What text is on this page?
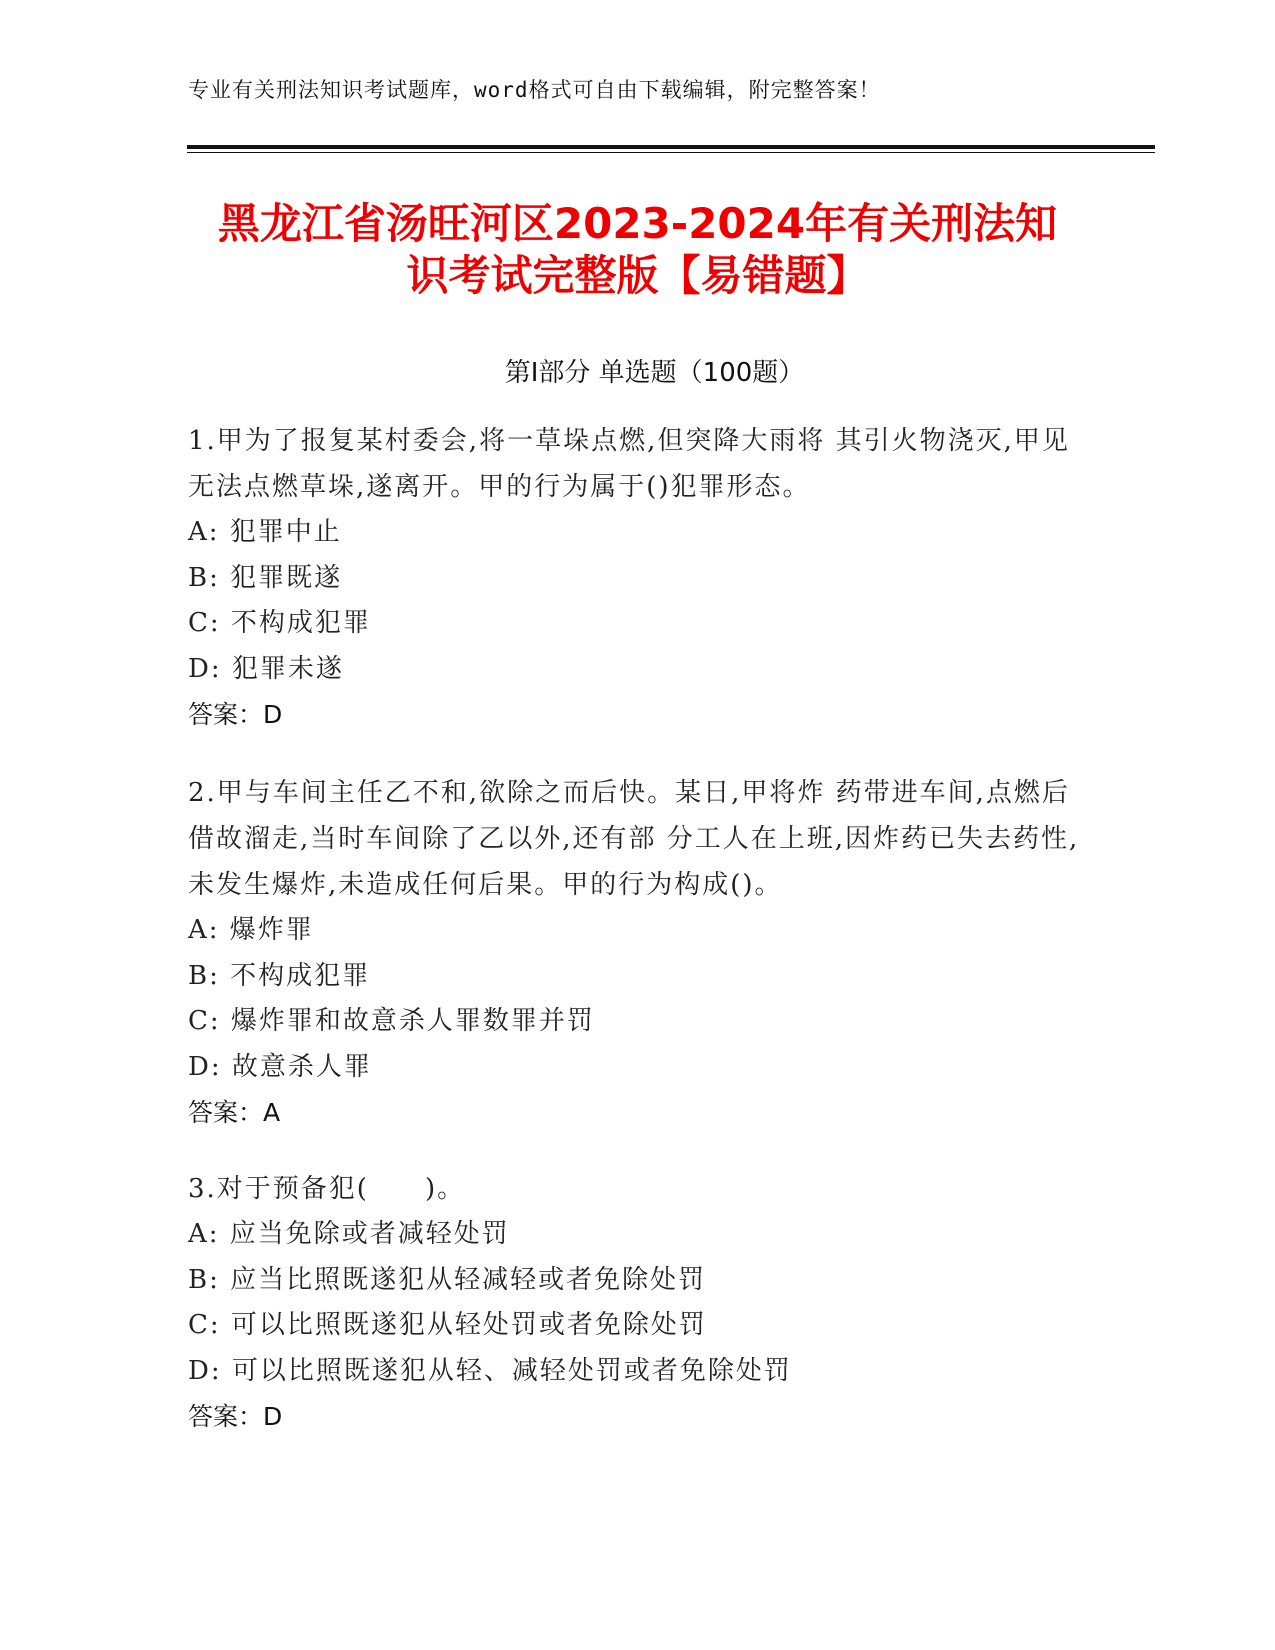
专业有关刑法知识考试题库，word格式可自由下载编辑，附完整答案！
黑龙江省汤旺河区2023-2024年有关刑法知
识考试完整版【易错题】
第Ⅰ部分 单选题（100题）

1.甲为了报复某村委会,将一草垛点燃,但突降大雨将 其引火物浇灭,甲见无法点燃草垛,遂离开。甲的行为属于()犯罪形态。

A: 犯罪中止

B: 犯罪既遂

C: 不构成犯罪

D: 犯罪未遂

答案：D

2.甲与车间主任乙不和,欲除之而后快。某日,甲将炸 药带进车间,点燃后借故溜走,当时车间除了乙以外,还有部 分工人在上班,因炸药已失去药性,未发生爆炸,未造成任何后果。甲的行为构成()。

A: 爆炸罪

B: 不构成犯罪

C: 爆炸罪和故意杀人罪数罪并罚

D: 故意杀人罪

答案：A

3.对于预备犯(　　)。

A: 应当免除或者减轻处罚

B: 应当比照既遂犯从轻减轻或者免除处罚

C: 可以比照既遂犯从轻处罚或者免除处罚

D: 可以比照既遂犯从轻、减轻处罚或者免除处罚

答案：D
